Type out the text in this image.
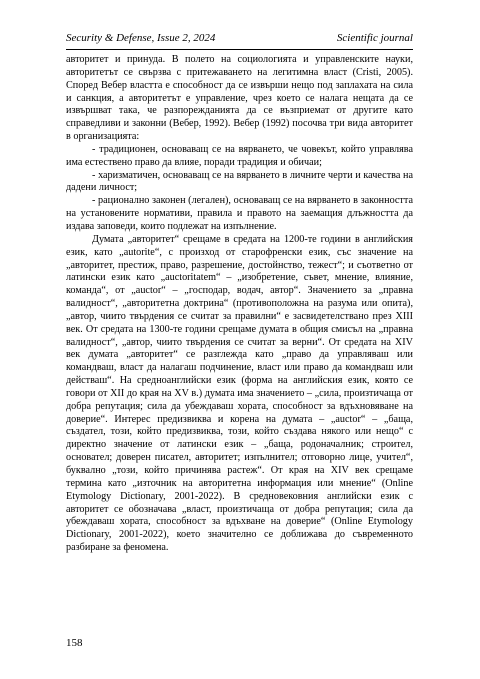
Security & Defense, Issue 2, 2024	Scientific journal

авторитет и принуда. В полето на социологията и управленските науки, авторитетът се свързва с притежаването на легитимна власт (Cristi, 2005). Според Вебер властта е способност да се извърши нещо под заплахата на сила и санкция, а авторитетът е управление, чрез което се налага нещата да се извършват така, че разпорежданията да се възприемат от другите като справедливи и законни (Вебер, 1992). Вебер (1992) посочва три вида авторитет в организацията:

- традиционен, основаващ се на вярването, че човекът, който управлява има естествено право да влияе, поради традиция и обичаи;

- харизматичен, основаващ се на вярването в личните черти и качества на дадени личност;

- рационално законен (легален), основаващ се на вярването в законността на установените нормативи, правила и правото на заемащия длъжността да издава заповеди, които подлежат на изпълнение.

Думата „авторитет“ срещаме в средата на 1200-те години в английския език, като „autorite“, с произход от старофренски език, със значение на „авторитет, престиж, право, разрешение, достойнство, тежест“; и съответно от латински език като „auctoritatem“ – „изобретение, съвет, мнение, влияние, команда“, от „auctor“ – „господар, водач, автор“. Значението за „правна валидност“, „авторитетна доктрина“ (противоположна на разума или опита), „автор, чиито твърдения се считат за правилни“ е засвидетелствано през XIII век. От средата на 1300-те години срещаме думата в общия смисъл на „правна валидност“, „автор, чиито твърдения се считат за верни“. От средата на XIV век думата „авторитет“ се разглежда като „право да управляваш или командваш, власт да налагаш подчинение, власт или право да командваш или действаш“. На средноанглийски език (форма на английския език, която се говори от XII до края на XV в.) думата има значението – „сила, произтичаща от добра репутация; сила да убеждаваш хората, способност за вдъхновяване на доверие“. Интерес предизвиква и корена на думата – „auctor“ – „баща, създател, този, който предизвиква, този, който създава някого или нещо“ с директно значение от латински език – „баща, родоначалник; строител, основател; доверен писател, авторитет; изпълнител; отговорно лице, учител“, буквално „този, който причинява растеж“. От края на XIV век срещаме термина като „източник на авторитетна информация или мнение“ (Online Etymology Dictionary, 2001-2022). В средновековния английски език с авторитет се обозначава „власт, произтичаща от добра репутация; сила да убеждаваш хората, способност за вдъхване на доверие“ (Online Etymology Dictionary, 2001-2022), което значително се доближава до съвременното разбиране за феномена.

158
